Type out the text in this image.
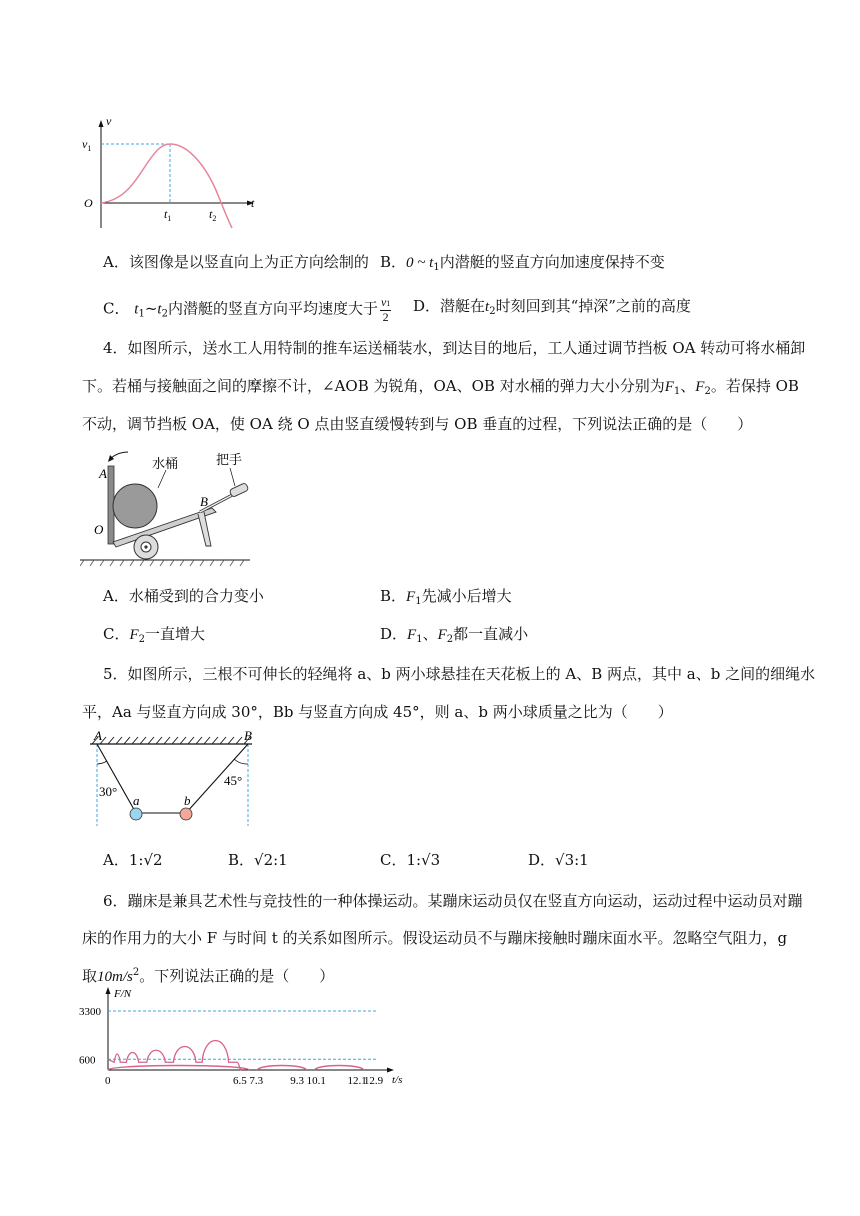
v
$v_1$
O
$t_1$	$t_2$
t
A．该图像是以竖直向上为正方向绘制的 B．0 ~ $t_1$内潜艇的竖直方向加速度保持不变
C． $t_1\sim t_2$内潜艇的竖直方向平均速度大于 $\frac{v1}{2}$ D．潜艇在$t_2$时刻回到其“掉深”之前的高度
4．如图所示，送水工人用特制的推车运送桶装水，到达目的地后，工人通过调节挡板 OA 转动可将水桶卸
下。若桶与接触面之间的摩擦不计，∠AOB 为锐角，OA、OB 对水桶的弹力大小分别为$F_1$、$F_2$。若保持 OB
不动，调节挡板 OA，使 OA 绕 O 点由竖直缓慢转到与 OB 垂直的过程，下列说法正确的是（　　）
A
O
B
水桶	把手
A．水桶受到的合力变小	B．$F_1$先减小后增大
C．$F_2$一直增大	D．$F_1$、$F_2$都一直减小
5．如图所示，三根不可伸长的轻绳将 a、b 两小球悬挂在天花板上的 A、B 两点，其中 a、b 之间的细绳水
平，Aa 与竖直方向成 30°，Bb 与竖直方向成 45°，则 a、b 两小球质量之比为（　　）
A	B
30°
45°
a	b
A．1:√2	B．√2:1	C．1:√3	D．√3:1
6．蹦床是兼具艺术性与竞技性的一种体操运动。某蹦床运动员仅在竖直方向运动，运动过程中运动员对蹦
床的作用力的大小 F 与时间 t 的关系如图所示。假设运动员不与蹦床接触时蹦床面水平。忽略空气阻力，g
取$10m/s^2$。下列说法正确的是（　　）
F/N
t/s
3300
600
0	6.5 7.3 9.3 10.1 12.1
12.9
